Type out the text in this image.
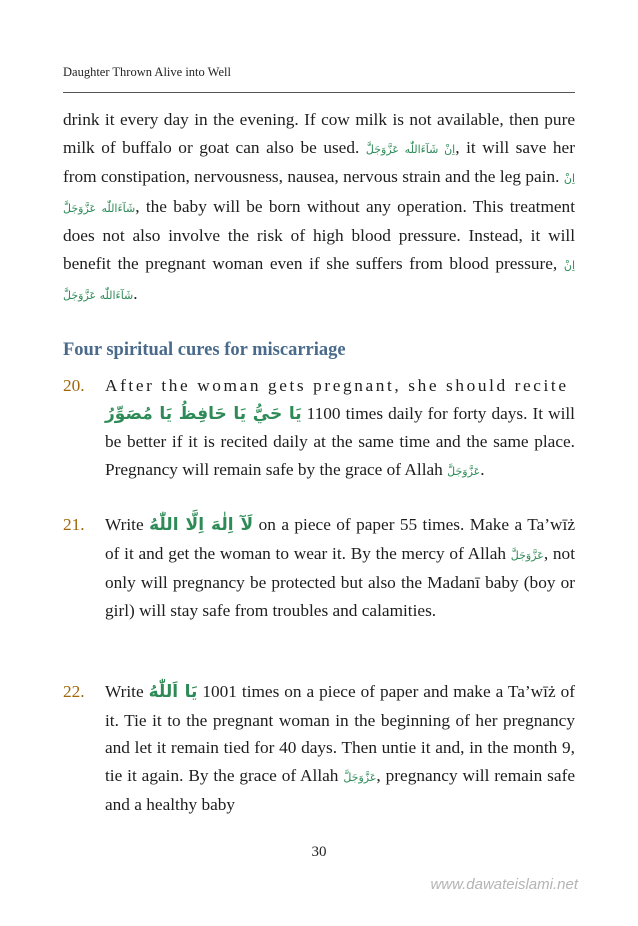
Daughter Thrown Alive into Well

drink it every day in the evening. If cow milk is not available, then pure milk of buffalo or goat can also be used. اِنْ شَآءَاللّٰه عَزَّوَجَلَّ, it will save her from constipation, nervousness, nausea, nervous strain and the leg pain. اِنْ شَآءَاللّٰه عَزَّوَجَلَّ, the baby will be born without any operation. This treatment does not also involve the risk of high blood pressure. Instead, it will benefit the pregnant woman even if she suffers from blood pressure, اِنْ شَآءَاللّٰه عَزَّوَجَلَّ.

Four spiritual cures for miscarriage
20.	After the woman gets pregnant, she should recite
يَا حَيُّ يَا حَافِظُ يَا مُصَوِّرُ 1100 times daily for forty days. It will be better if it is recited daily at the same time and the same place. Pregnancy will remain safe by the grace of Allah عَزَّوَجَلَّ.
21.	Write لَآ اِلٰهَ اِلَّا اللّٰهُ on a piece of paper 55 times. Make a Ta’wīż of it and get the woman to wear it. By the mercy of Allah عَزَّوَجَلَّ, not only will pregnancy be protected but also the Madanī baby (boy or girl) will stay safe from troubles and calamities.
22.	Write يَا اَللّٰهُ 1001 times on a piece of paper and make a Ta’wīż of it. Tie it to the pregnant woman in the beginning of her pregnancy and let it remain tied for 40 days. Then untie it and, in the month 9, tie it again. By the grace of Allah عَزَّوَجَلَّ, pregnancy will remain safe and a healthy baby
30
www.dawateislami.net
